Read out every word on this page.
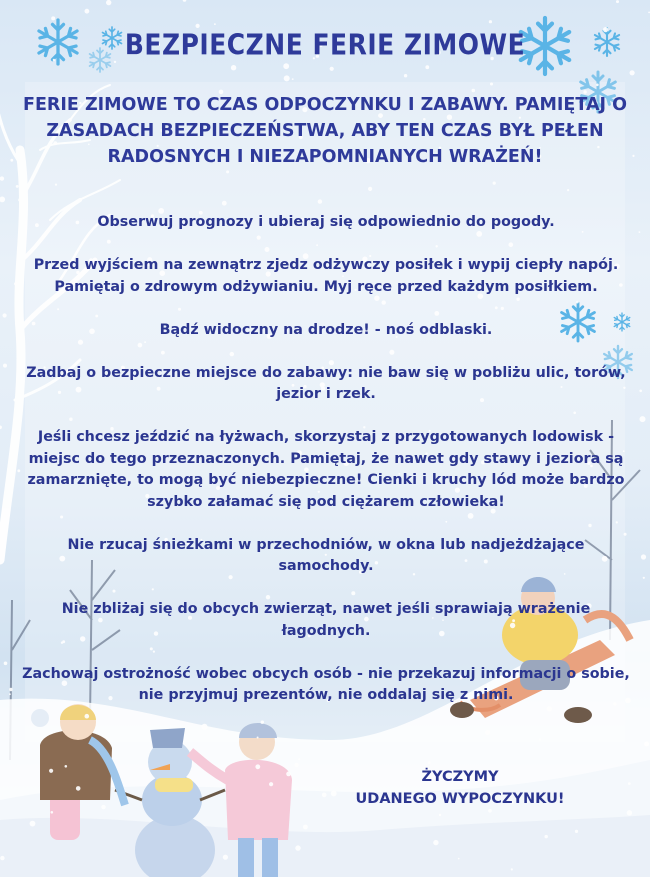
BEZPIECZNE FERIE ZIMOWE
FERIE ZIMOWE TO CZAS ODPOCZYNKU I ZABAWY. PAMIĘTAJ O ZASADACH BEZPIECZEŃSTWA, ABY TEN CZAS BYŁ PEŁEN RADOSNYCH I NIEZAPOMNIANYCH WRAŻEŃ!
Obserwuj prognozy i ubieraj się odpowiednio do pogody.
Przed wyjściem na zewnątrz zjedz odżywczy posiłek i wypij ciepły napój. Pamiętaj o zdrowym odżywianiu. Myj ręce przed każdym posiłkiem.
Bądź widoczny na drodze! - noś odblaski.
Zadbaj o bezpieczne miejsce do zabawy: nie baw się w pobliżu ulic, torów, jezior i rzek.
Jeśli chcesz jeździć na łyżwach, skorzystaj z przygotowanych lodowisk - miejsc do tego przeznaczonych. Pamiętaj, że nawet gdy stawy i jeziora są zamarznięte, to mogą być niebezpieczne! Cienki i kruchy lód może bardzo szybko załamać się pod ciężarem człowieka!
Nie rzucaj śnieżkami w przechodniów, w okna lub nadjeżdżające samochody.
Nie zbliżaj się do obcych zwierząt, nawet jeśli sprawiają wrażenie łagodnych.
Zachowaj ostrożność wobec obcych osób - nie przekazuj informacji o sobie, nie przyjmuj prezentów, nie oddalaj się z nimi.
ŻYCZYMY
UDANEGO WYPOCZYNKU!
